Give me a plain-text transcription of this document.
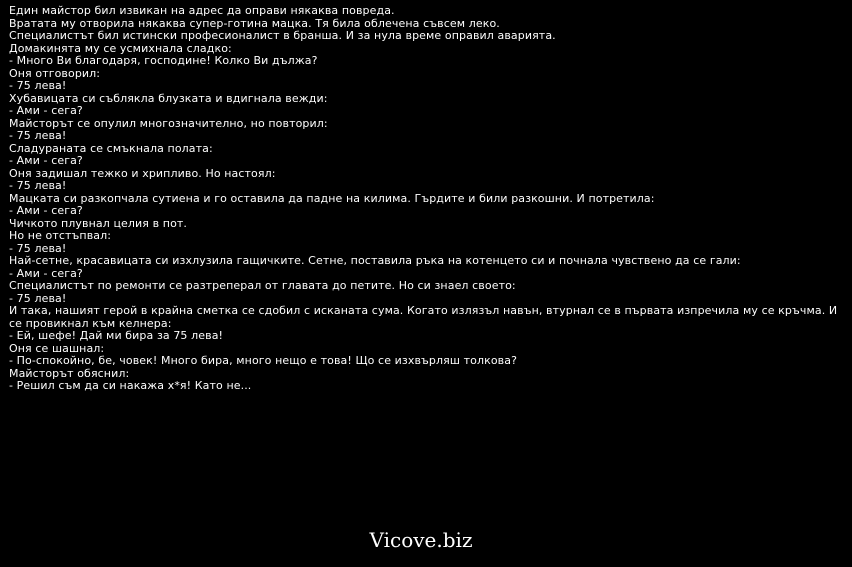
Един майстор бил извикан на адрес да оправи някаква повреда.
Вратата му отворила някаква супер-готина мацка. Тя била облечена съвсем леко.
Специалистът бил истински професионалист в бранша. И за нула време оправил аварията.
Домакинята му се усмихнала сладко:
- Много Ви благодаря, господине! Колко Ви дължа?
Оня отговорил:
- 75 лева!
Хубавицата си съблякла блузката и вдигнала вежди:
- Ами - сега?
Майсторът се опулил многозначително, но повторил:
- 75 лева!
Сладураната се смъкнала полата:
- Ами - сега?
Оня задишал тежко и хрипливо. Но настоял:
- 75 лева!
Мацката си разкопчала сутиена и го оставила да падне на килима. Гърдите и били разкошни. И потретила:
- Ами - сега?
Чичкото плувнал целия в пот.
Но не отстъпвал:
- 75 лева!
Най-сетне, красавицата си изхлузила гащичките. Сетне, поставила ръка на котенцето си и почнала чувствено да се гали:
- Ами - сега?
Специалистът по ремонти се разтреперал от главата до петите. Но си знаел своето:
- 75 лева!
И така, нашият герой в крайна сметка се сдобил с исканата сума. Когато излязъл навън, втурнал се в първата изпречила му се кръчма. И се провикнал към келнера:
- Ей, шефе! Дай ми бира за 75 лева!
Оня се шашнал:
- По-спокойно, бе, човек! Много бира, много нещо е това! Що се изхвърляш толкова?
Майсторът обяснил:
- Решил съм да си накажа х*я! Като не...
Vicove.biz
